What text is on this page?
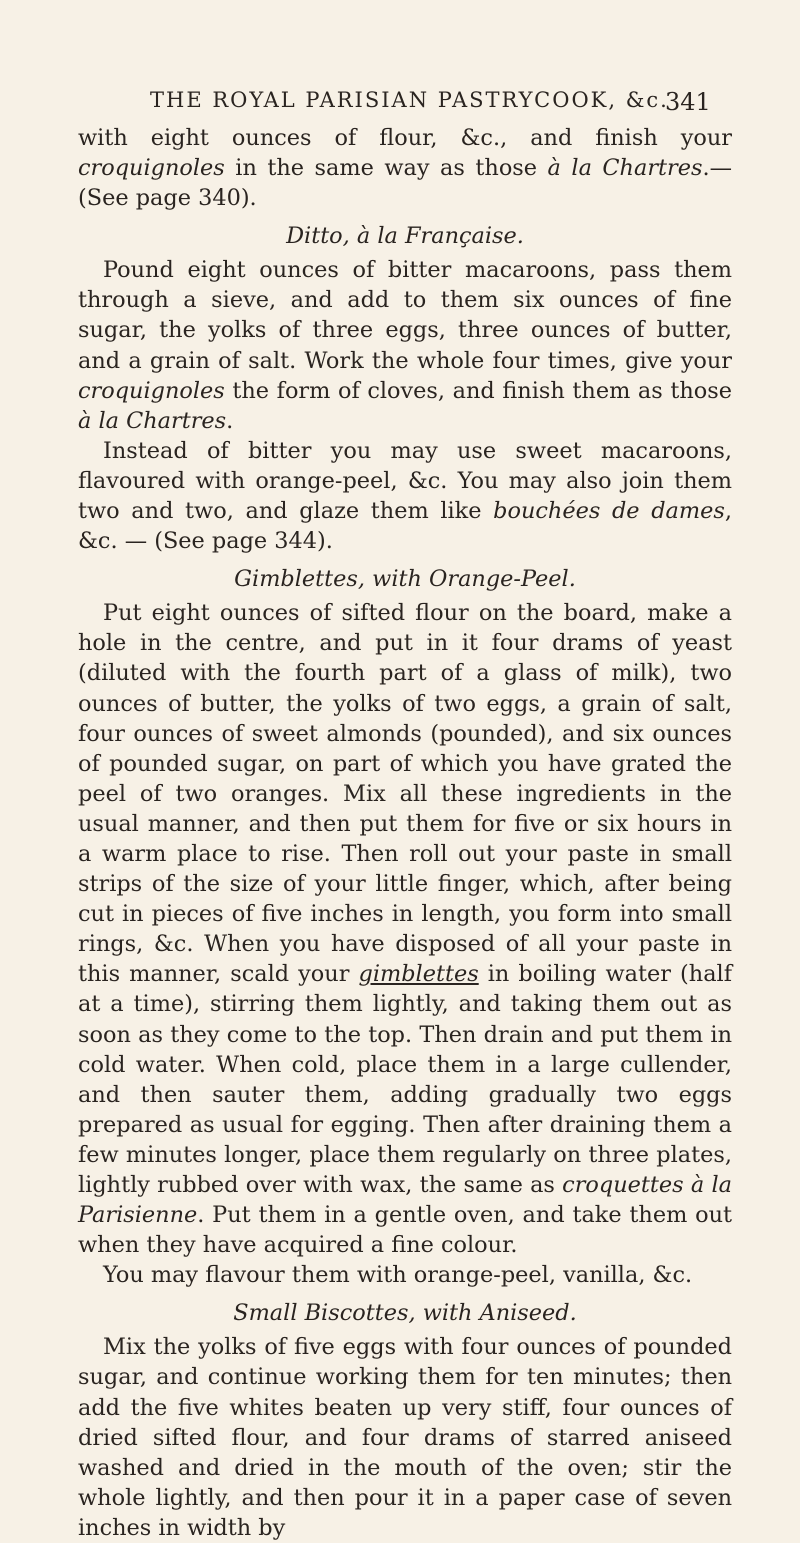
THE ROYAL PARISIAN PASTRYCOOK, &c.
341

with eight ounces of flour, &c., and finish your croquignoles in the same way as those à la Chartres.—(See page 340).

Ditto, à la Française.

Pound eight ounces of bitter macaroons, pass them through a sieve, and add to them six ounces of fine sugar, the yolks of three eggs, three ounces of butter, and a grain of salt. Work the whole four times, give your croquignoles the form of cloves, and finish them as those à la Chartres.

Instead of bitter you may use sweet macaroons, flavoured with orange-peel, &c. You may also join them two and two, and glaze them like bouchées de dames, &c. — (See page 344).

Gimblettes, with Orange-Peel.

Put eight ounces of sifted flour on the board, make a hole in the centre, and put in it four drams of yeast (diluted with the fourth part of a glass of milk), two ounces of butter, the yolks of two eggs, a grain of salt, four ounces of sweet almonds (pounded), and six ounces of pounded sugar, on part of which you have grated the peel of two oranges. Mix all these ingredients in the usual manner, and then put them for five or six hours in a warm place to rise. Then roll out your paste in small strips of the size of your little finger, which, after being cut in pieces of five inches in length, you form into small rings, &c. When you have disposed of all your paste in this manner, scald your gimblettes in boiling water (half at a time), stirring them lightly, and taking them out as soon as they come to the top. Then drain and put them in cold water. When cold, place them in a large cullender, and then sauter them, adding gradually two eggs prepared as usual for egging. Then after draining them a few minutes longer, place them regularly on three plates, lightly rubbed over with wax, the same as croquettes à la Parisienne. Put them in a gentle oven, and take them out when they have acquired a fine colour.

You may flavour them with orange-peel, vanilla, &c.

Small Biscottes, with Aniseed.

Mix the yolks of five eggs with four ounces of pounded sugar, and continue working them for ten minutes; then add the five whites beaten up very stiff, four ounces of dried sifted flour, and four drams of starred aniseed washed and dried in the mouth of the oven; stir the whole lightly, and then pour it in a paper case of seven inches in width by
